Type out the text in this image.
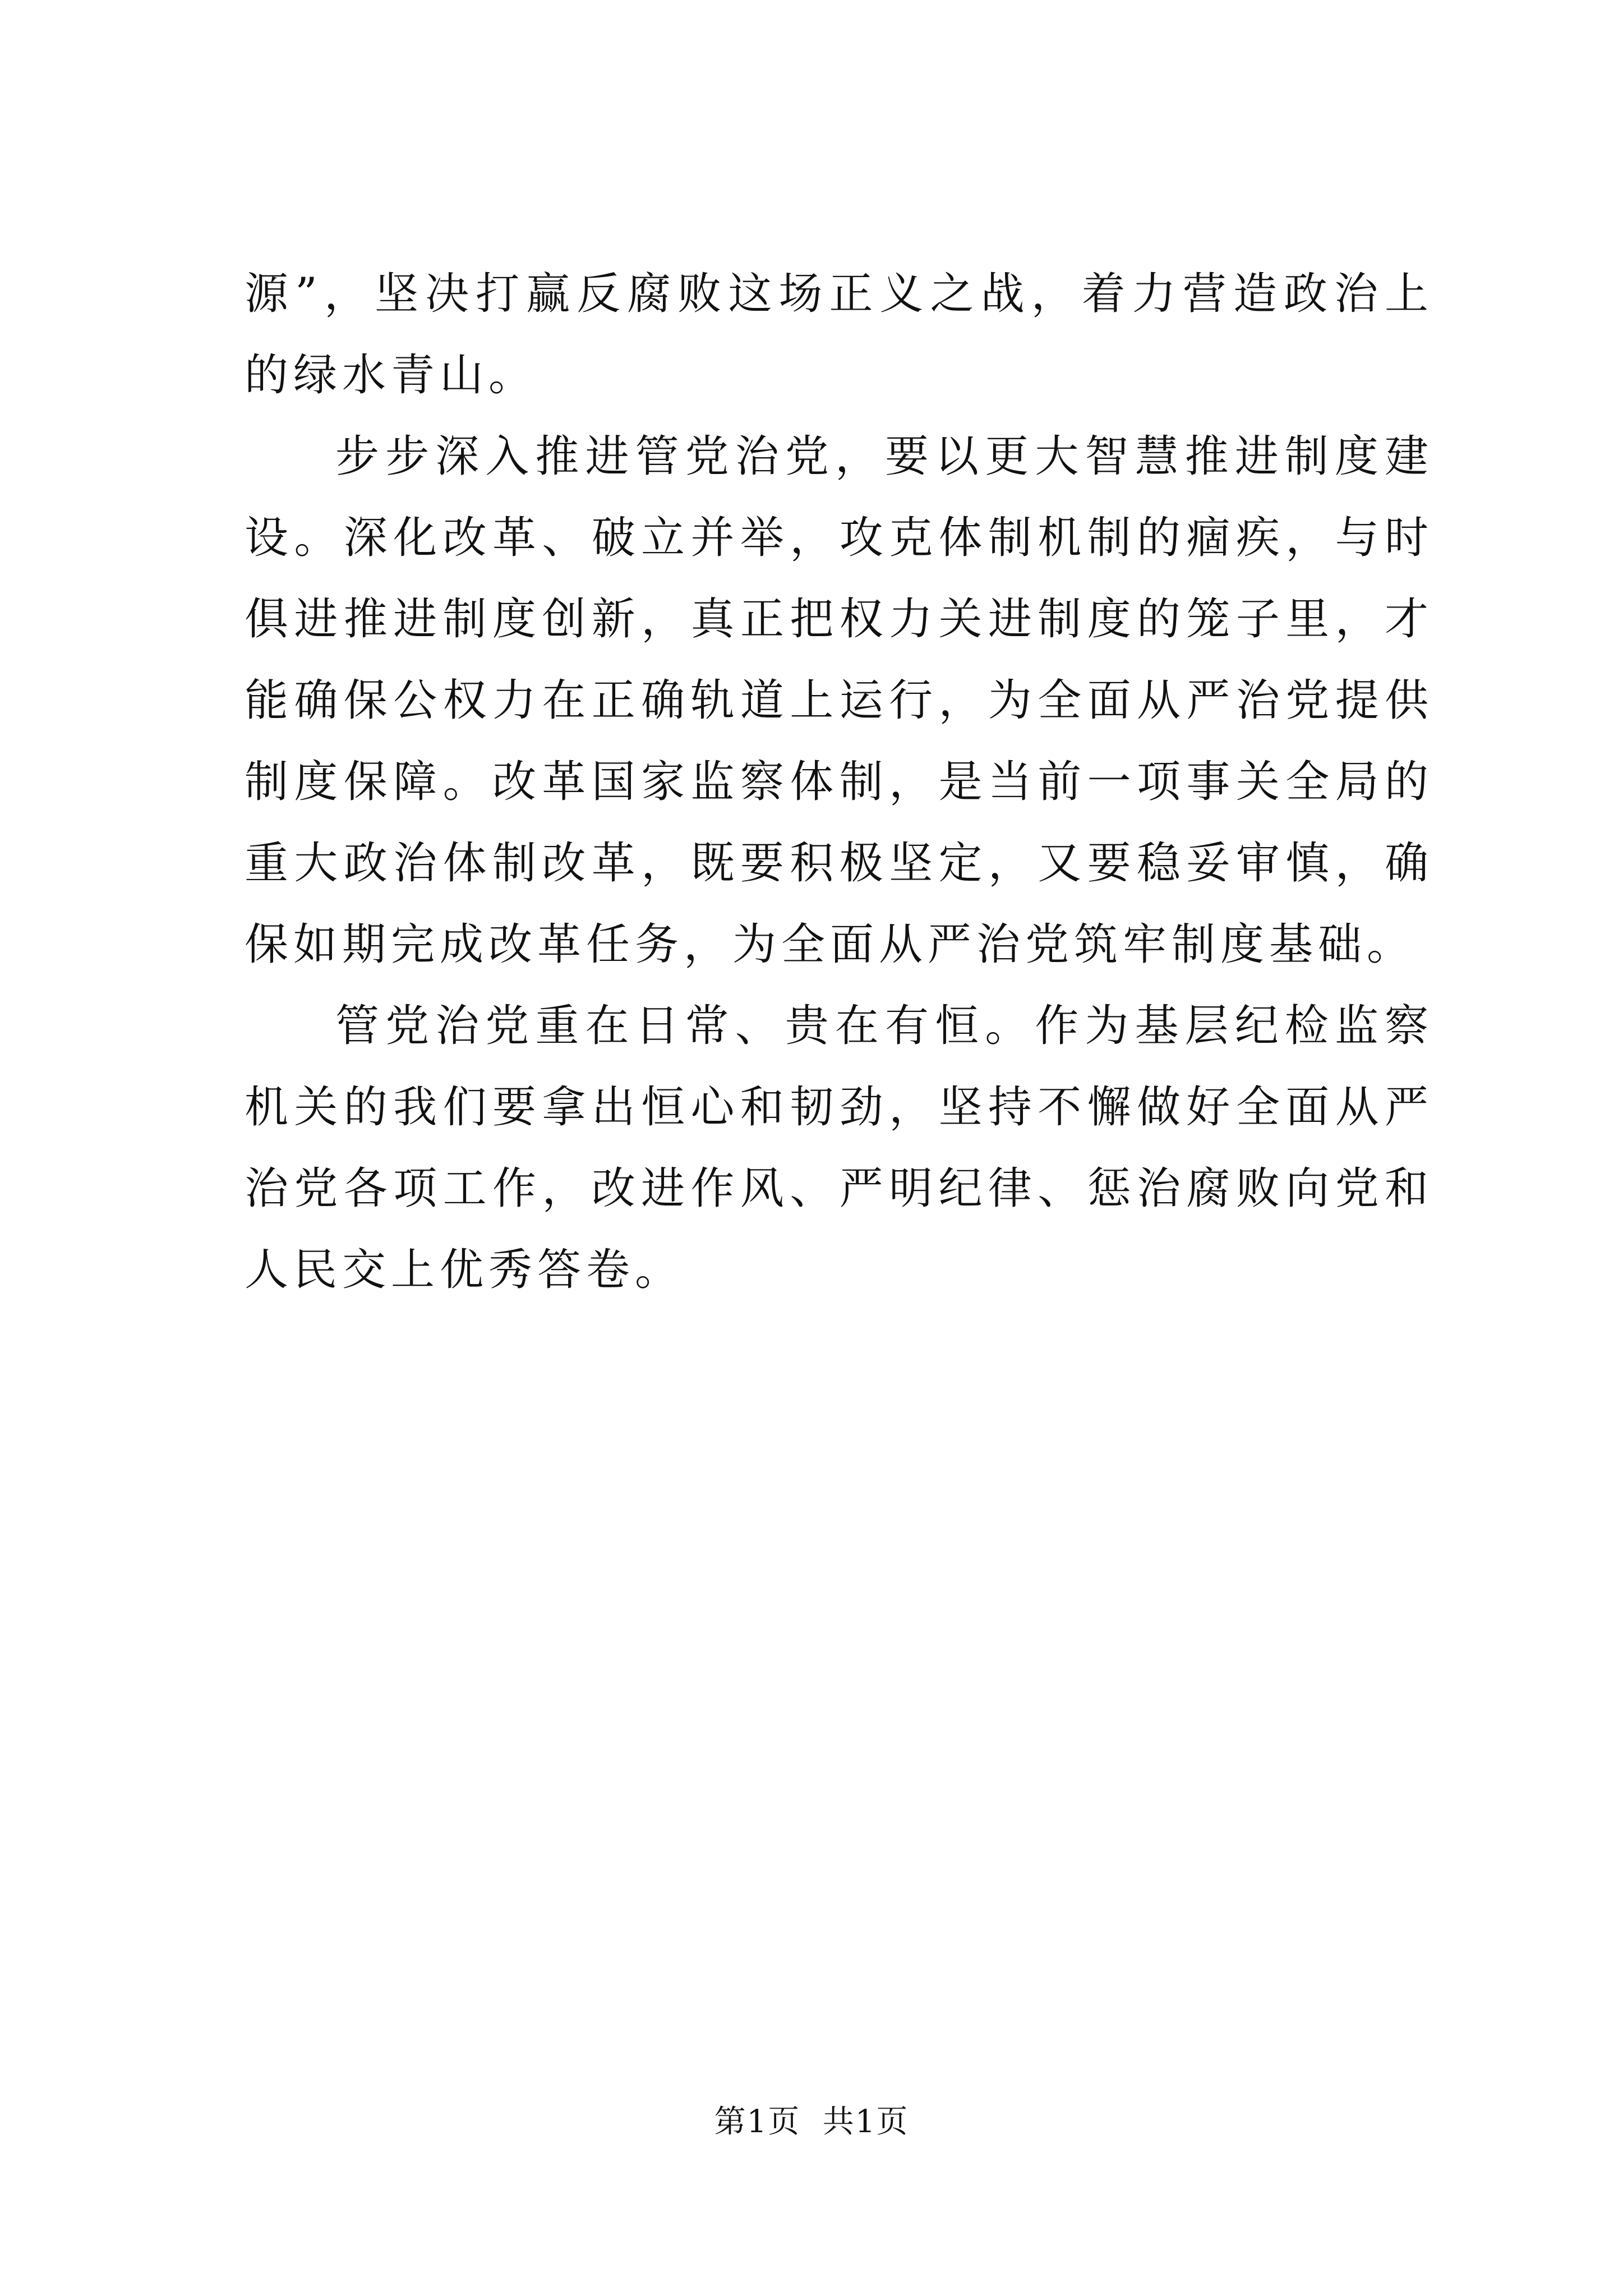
源”，坚决打赢反腐败这场正义之战，着力营造政治上的绿水青山。

步步深入推进管党治党，要以更大智慧推进制度建设。深化改革、破立并举，攻克体制机制的痼疾，与时俱进推进制度创新，真正把权力关进制度的笼子里，才能确保公权力在正确轨道上运行，为全面从严治党提供制度保障。改革国家监察体制，是当前一项事关全局的重大政治体制改革，既要积极坚定，又要稳妥审慎，确保如期完成改革任务，为全面从严治党筑牢制度基础。

管党治党重在日常、贵在有恒。作为基层纪检监察机关的我们要拿出恒心和韧劲，坚持不懈做好全面从严治党各项工作，改进作风、严明纪律、惩治腐败向党和人民交上优秀答卷。

第1页  共1页
